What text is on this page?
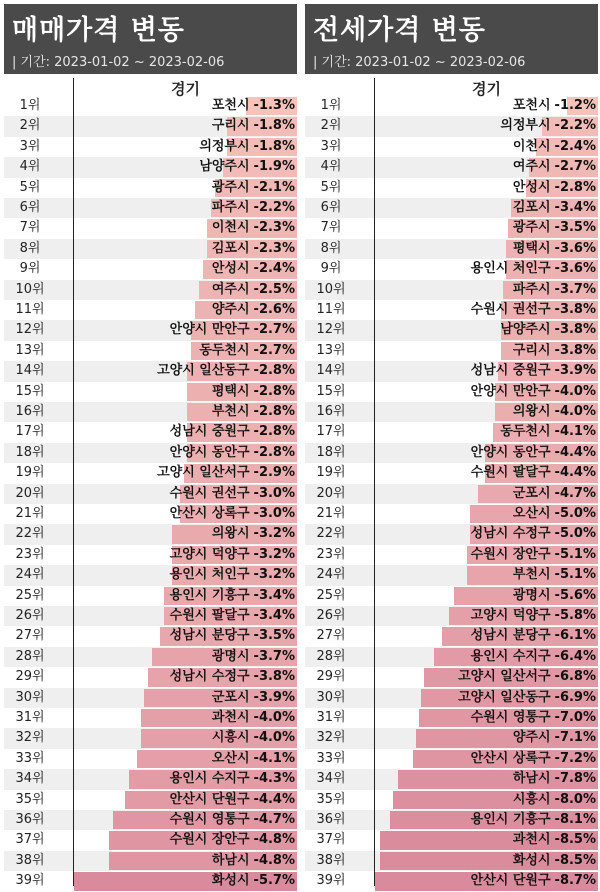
매매가격 변동
| 기간: 2023-01-02 ~ 2023-02-06
경기
1위	포천시 -1.3%
2위	구리시 -1.8%
3위	의정부시 -1.8%
4위	남양주시 -1.9%
5위	광주시 -2.1%
6위	파주시 -2.2%
7위	이천시 -2.3%
8위	김포시 -2.3%
9위	안성시 -2.4%
10위	여주시 -2.5%
11위	양주시 -2.6%
12위	안양시 만안구 -2.7%
13위	동두천시 -2.7%
14위	고양시 일산동구 -2.8%
15위	평택시 -2.8%
16위	부천시 -2.8%
17위	성남시 중원구 -2.8%
18위	안양시 동안구 -2.8%
19위	고양시 일산서구 -2.9%
20위	수원시 권선구 -3.0%
21위	안산시 상록구 -3.0%
22위	의왕시 -3.2%
23위	고양시 덕양구 -3.2%
24위	용인시 처인구 -3.2%
25위	용인시 기흥구 -3.4%
26위	수원시 팔달구 -3.4%
27위	성남시 분당구 -3.5%
28위	광명시 -3.7%
29위	성남시 수정구 -3.8%
30위	군포시 -3.9%
31위	과천시 -4.0%
32위	시흥시 -4.0%
33위	오산시 -4.1%
34위	용인시 수지구 -4.3%
35위	안산시 단원구 -4.4%
36위	수원시 영통구 -4.7%
37위	수원시 장안구 -4.8%
38위	하남시 -4.8%
39위	화성시 -5.7%
전세가격 변동
| 기간: 2023-01-02 ~ 2023-02-06
경기
1위	포천시 -1.2%
2위	의정부시 -2.2%
3위	이천시 -2.4%
4위	여주시 -2.7%
5위	안성시 -2.8%
6위	김포시 -3.4%
7위	광주시 -3.5%
8위	평택시 -3.6%
9위	용인시 처인구 -3.6%
10위	파주시 -3.7%
11위	수원시 권선구 -3.8%
12위	남양주시 -3.8%
13위	구리시 -3.8%
14위	성남시 중원구 -3.9%
15위	안양시 만안구 -4.0%
16위	의왕시 -4.0%
17위	동두천시 -4.1%
18위	안양시 동안구 -4.4%
19위	수원시 팔달구 -4.4%
20위	군포시 -4.7%
21위	오산시 -5.0%
22위	성남시 수정구 -5.0%
23위	수원시 장안구 -5.1%
24위	부천시 -5.1%
25위	광명시 -5.6%
26위	고양시 덕양구 -5.8%
27위	성남시 분당구 -6.1%
28위	용인시 수지구 -6.4%
29위	고양시 일산서구 -6.8%
30위	고양시 일산동구 -6.9%
31위	수원시 영통구 -7.0%
32위	양주시 -7.1%
33위	안산시 상록구 -7.2%
34위	하남시 -7.8%
35위	시흥시 -8.0%
36위	용인시 기흥구 -8.1%
37위	과천시 -8.5%
38위	화성시 -8.5%
39위	안산시 단원구 -8.7%
